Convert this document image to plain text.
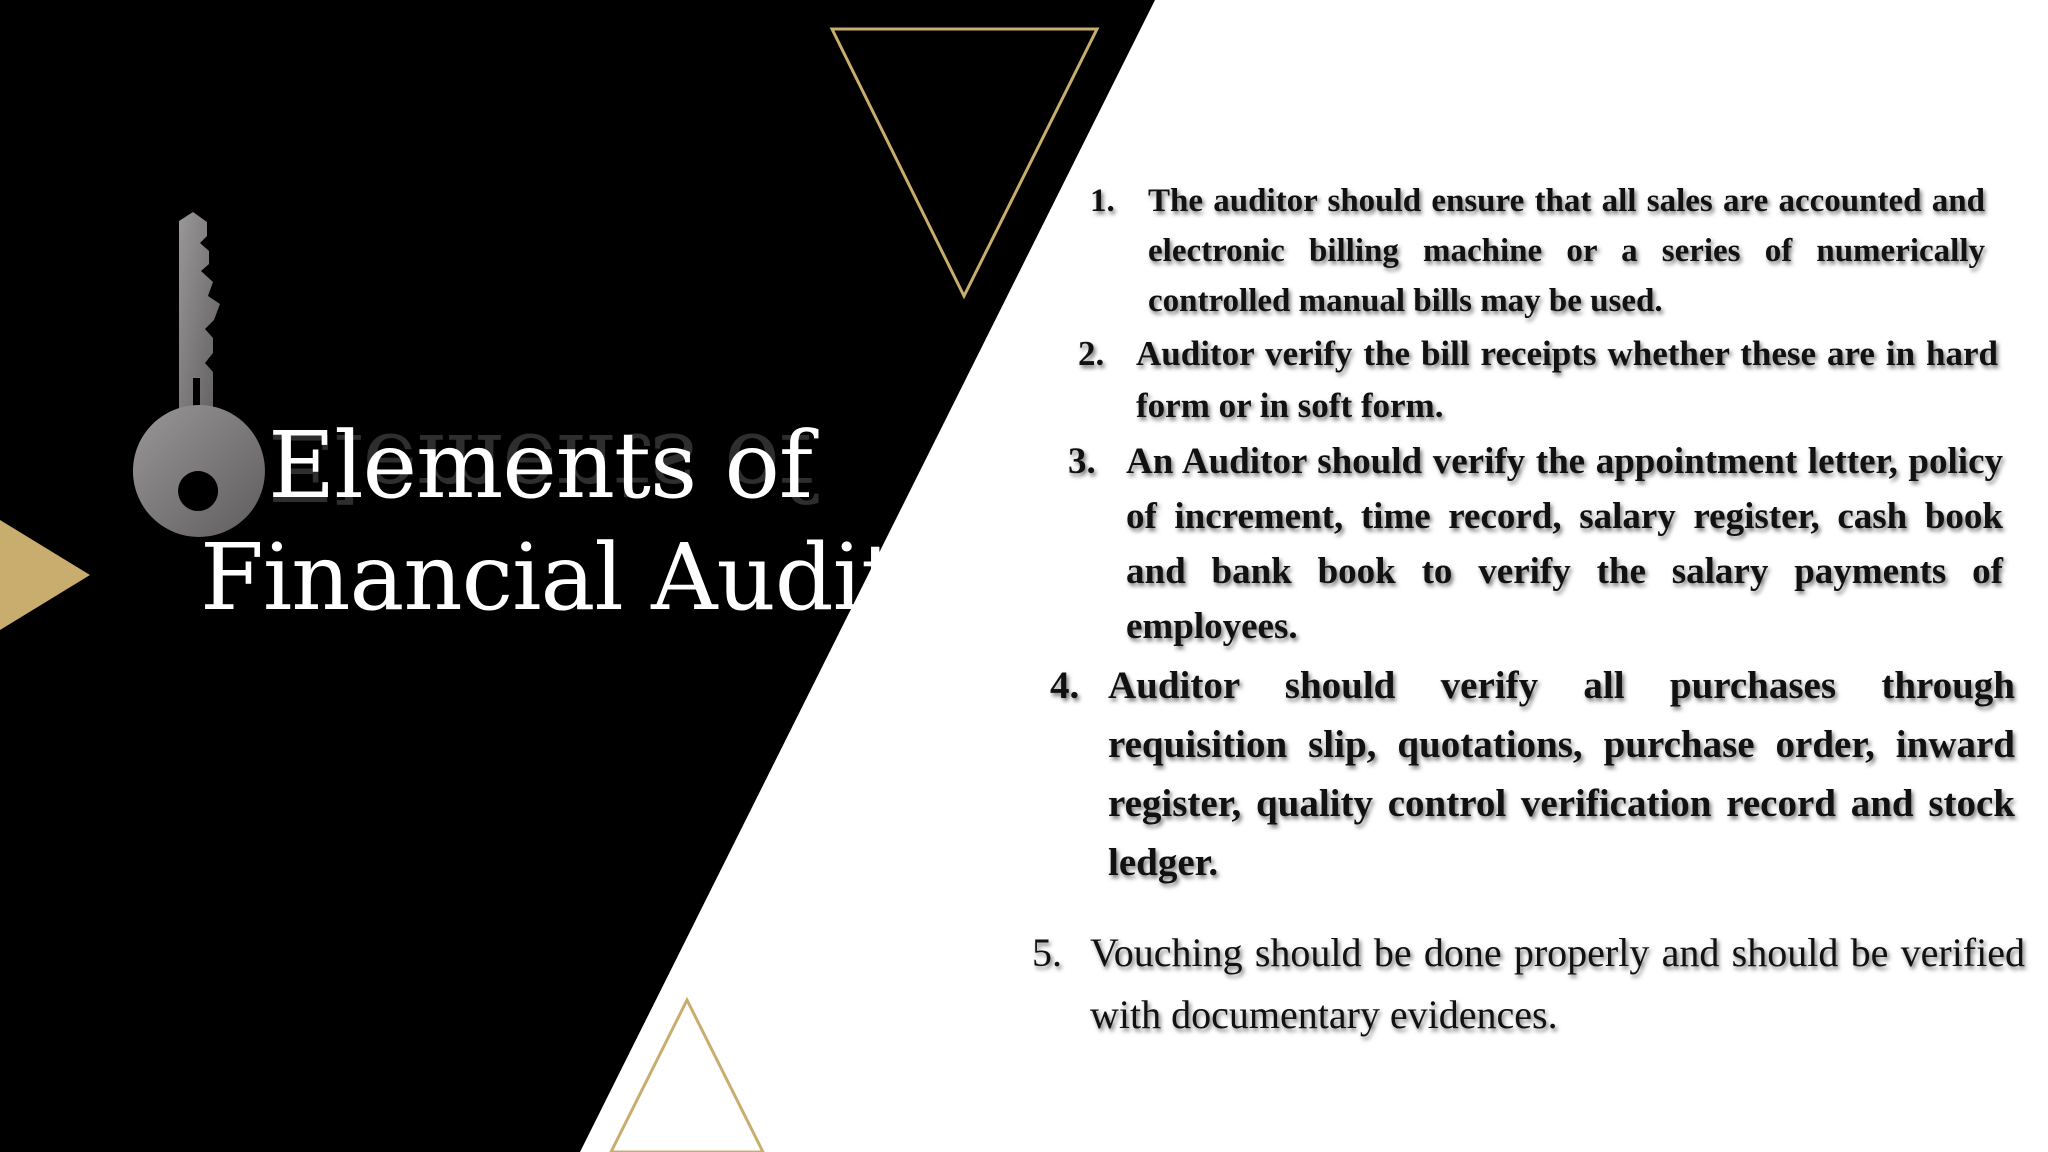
Elements of Elements of
Financial Audit
1.	The auditor should ensure that all sales are accounted and electronic billing machine or a series of numerically controlled manual bills may be used.
2. Auditor verify the bill receipts whether these are in hard form or in soft form.
3. An Auditor should verify the appointment letter, policy of increment, time record, salary register, cash book and bank book to verify the salary payments of employees.
4. Auditor should verify all purchases through requisition slip, quotations, purchase order, inward register, quality control verification record and stock ledger.
5. Vouching should be done properly and should be verified with documentary evidences.
